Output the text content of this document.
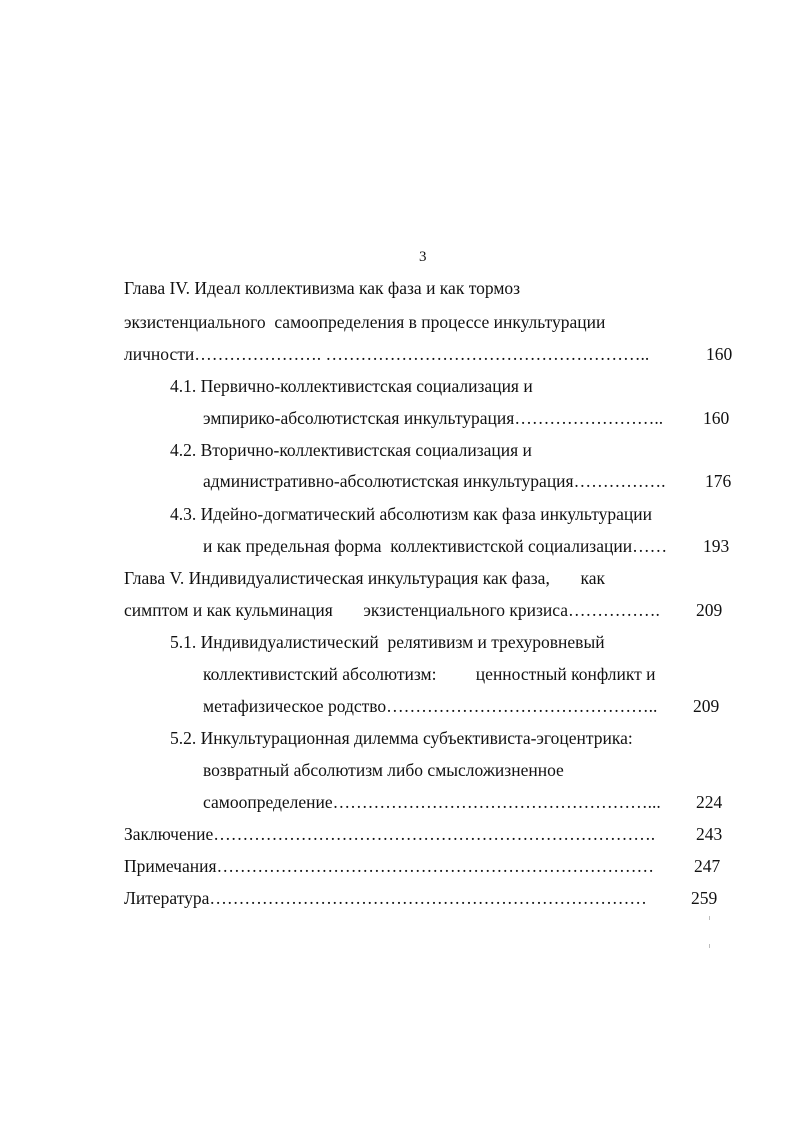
3
Глава IV. Идеал коллективизма как фаза и как тормоз
экзистенциального  самоопределения в процессе инкультурации
личности…………………. ………………………………………………..	160
4.1. Первично-коллективистская социализация и
эмпирико-абсолютистская инкультурация…………………….. 160
4.2. Вторично-коллективистская социализация и
административно-абсолютистская инкультурация……………. 176
4.3. Идейно-догматический абсолютизм как фаза инкультурации
и как предельная форма  коллективистской социализации…… 193
Глава V. Индивидуалистическая инкультурация как фаза,       как
симптом и как кульминация       экзистенциального кризиса……………. 209
5.1. Индивидуалистический  релятивизм и трехуровневый
коллективистский абсолютизм:         ценностный конфликт и
метафизическое родство……………………………………….. 209
5.2. Инкультурационная дилемма субъективиста-эгоцентрика:
возвратный абсолютизм либо смысложизненное
самоопределение………………………………………………... 224
Заключение…………………………………………………………………. 243
Примечания………………………………………………………………… 247
Литература…………………………………………………………………	259
